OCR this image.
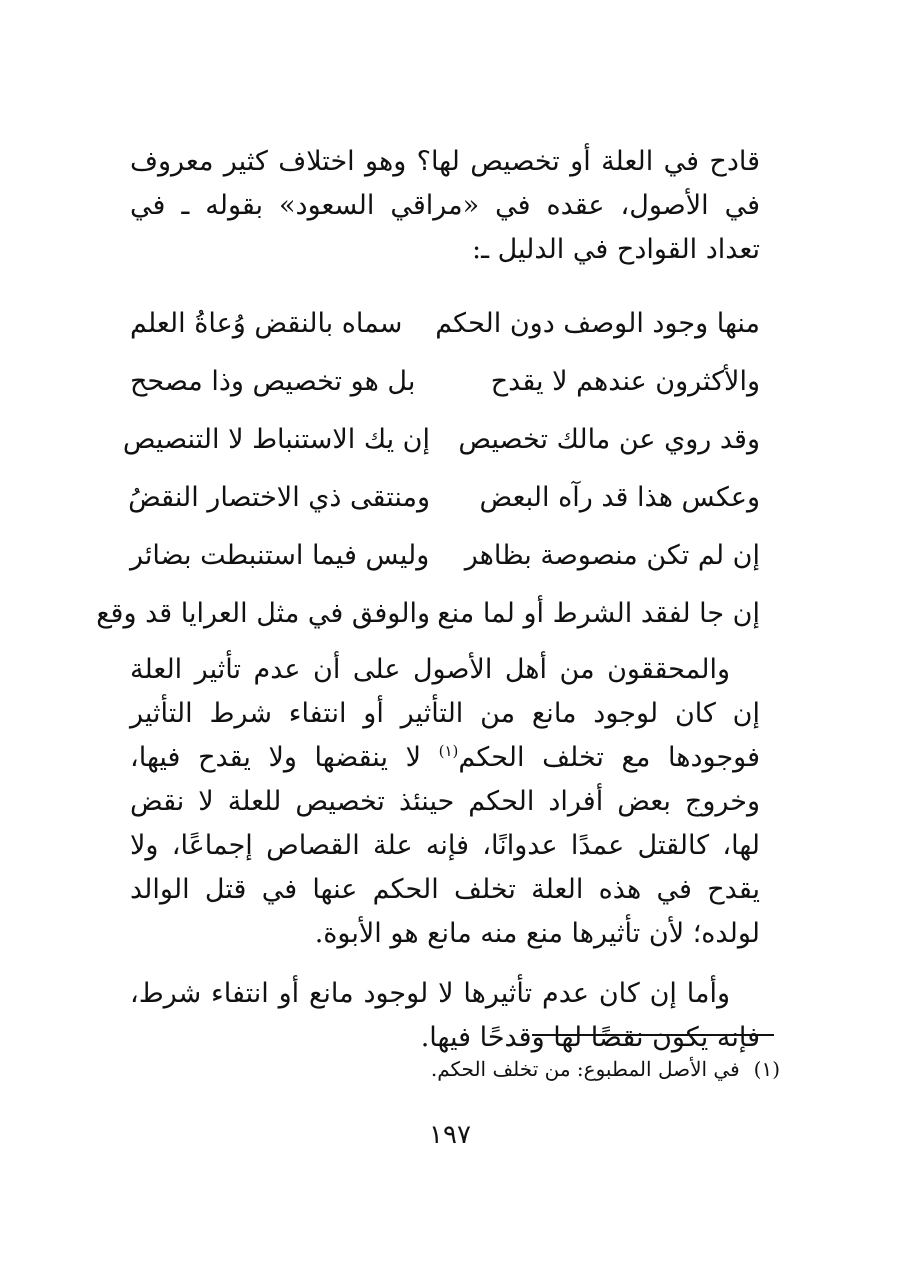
قادح في العلة أو تخصيص لها؟ وهو اختلاف كثير معروف في الأصول، عقده في «مراقي السعود» بقوله ـ في تعداد القوادح في الدليل ـ:

منها وجود الوصف دون الحكم
سماه بالنقض وُعاةُ العلم
والأكثرون عندهم لا يقدح
بل هو تخصيص وذا مصحح
وقد روي عن مالك تخصيص
إن يك الاستنباط لا التنصيص
وعكس هذا قد رآه البعض
ومنتقى ذي الاختصار النقضُ
إن لم تكن منصوصة بظاهر
وليس فيما استنبطت بضائر
إن جا لفقد الشرط أو لما منع
والوفق في مثل العرايا قد وقع

والمحققون من أهل الأصول على أن عدم تأثير العلة إن كان لوجود مانع من التأثير أو انتفاء شرط التأثير فوجودها مع تخلف الحكم$^{(١)}$ لا ينقضها ولا يقدح فيها، وخروج بعض أفراد الحكم حينئذ تخصيص للعلة لا نقض لها، كالقتل عمدًا عدوانًا، فإنه علة القصاص إجماعًا، ولا يقدح في هذه العلة تخلف الحكم عنها في قتل الوالد لولده؛ لأن تأثيرها منع منه مانع هو الأبوة.

وأما إن كان عدم تأثيرها لا لوجود مانع أو انتفاء شرط، فإنه يكون نقضًا لها وقدحًا فيها.

(١)في الأصل المطبوع: من تخلف الحكم.
١٩٧
